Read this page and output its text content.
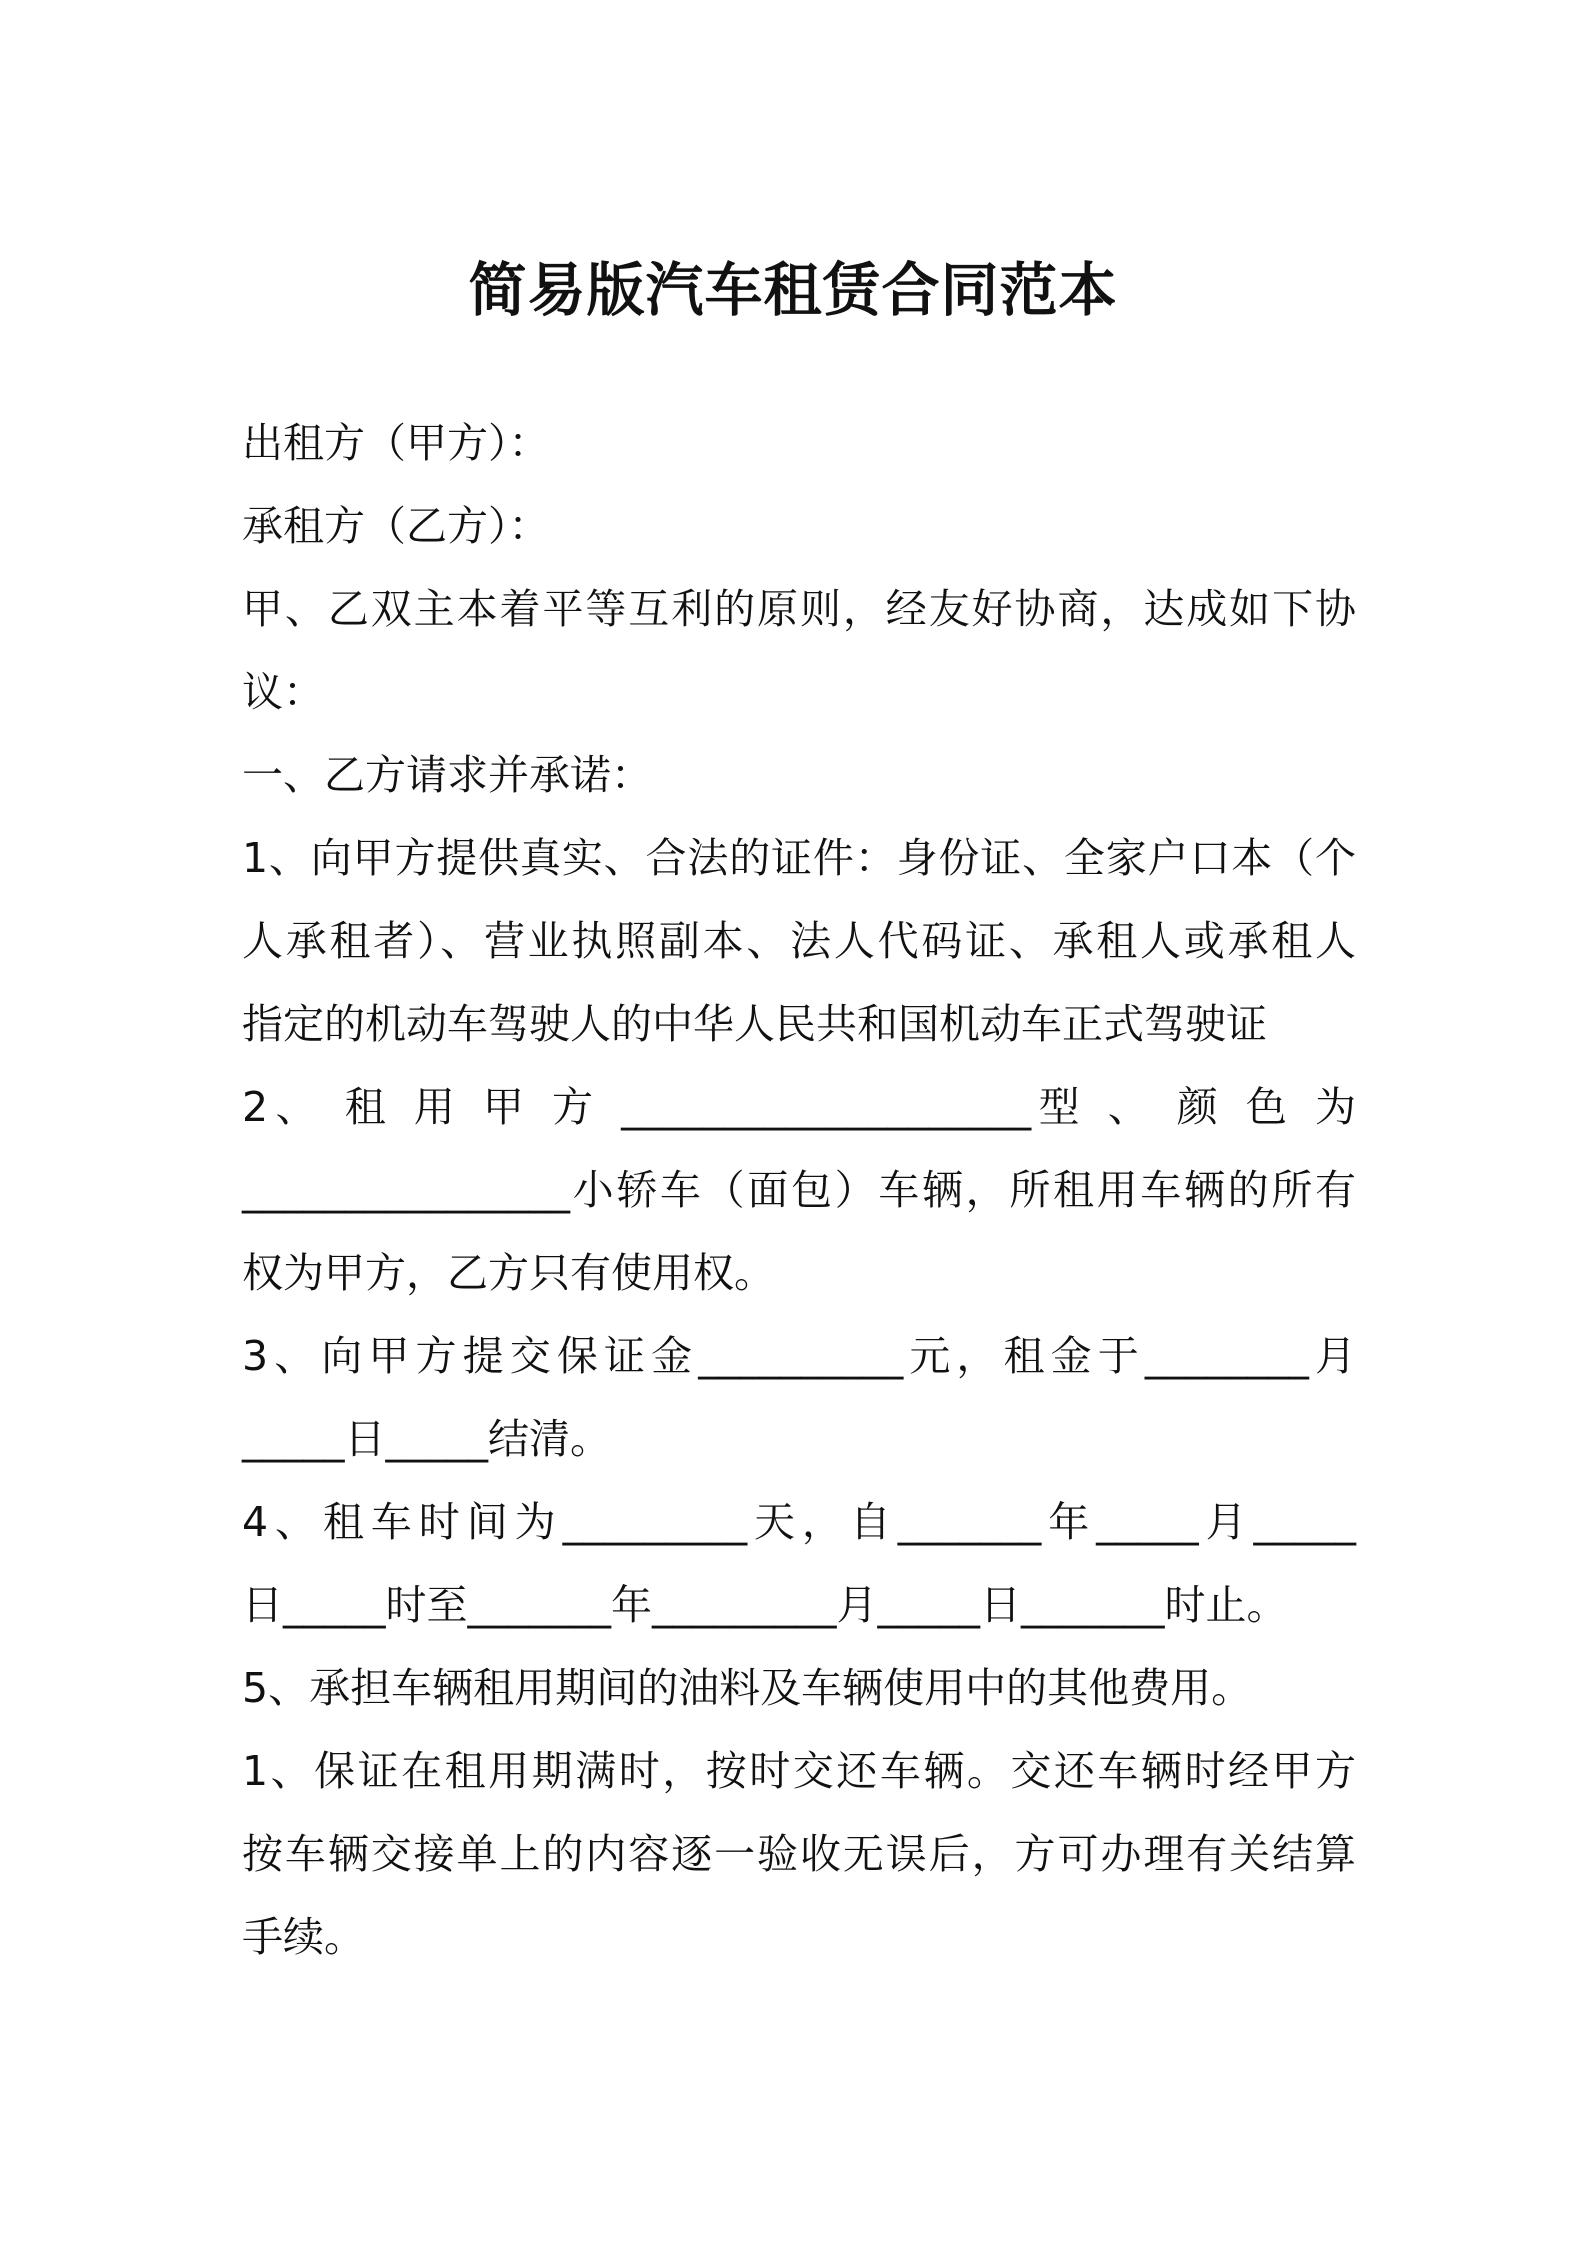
简易版汽车租赁合同范本
出租方（甲方）：
承租方（乙方）：
甲、乙双主本着平等互利的原则，经友好协商，达成如下协
议：
一、乙方请求并承诺：
1、向甲方提供真实、合法的证件：身份证、全家户口本（个
人承租者）、营业执照副本、法人代码证、承租人或承租人
指定的机动车驾驶人的中华人民共和国机动车正式驾驶证
2、 租 用 甲 方 ____________________型 、 颜 色 为
________________小轿车（面包）车辆，所租用车辆的所有
权为甲方，乙方只有使用权。
3、向甲方提交保证金__________元，租金于________月
_____日_____结清。
4、租车时间为_________天，自_______年_____月_____
日_____时至_______年_________月_____日_______时止。
5、承担车辆租用期间的油料及车辆使用中的其他费用。
1、保证在租用期满时，按时交还车辆。交还车辆时经甲方
按车辆交接单上的内容逐一验收无误后，方可办理有关结算
手续。
